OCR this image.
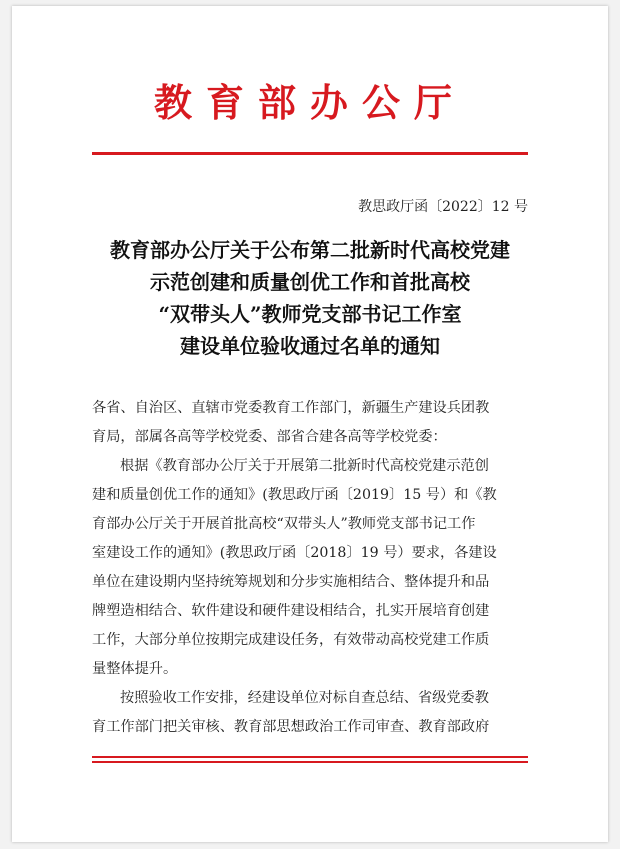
教育部办公厅
教思政厅函〔2022〕12 号
教育部办公厅关于公布第二批新时代高校党建
示范创建和质量创优工作和首批高校
“双带头人”教师党支部书记工作室
建设单位验收通过名单的通知
各省、自治区、直辖市党委教育工作部门，新疆生产建设兵团教
育局，部属各高等学校党委、部省合建各高等学校党委：
根据《教育部办公厅关于开展第二批新时代高校党建示范创
建和质量创优工作的通知》(教思政厅函〔2019〕15 号）和《教
育部办公厅关于开展首批高校“双带头人”教师党支部书记工作
室建设工作的通知》(教思政厅函〔2018〕19 号）要求，各建设
单位在建设期内坚持统筹规划和分步实施相结合、整体提升和品
牌塑造相结合、软件建设和硬件建设相结合，扎实开展培育创建
工作，大部分单位按期完成建设任务，有效带动高校党建工作质
量整体提升。
按照验收工作安排，经建设单位对标自查总结、省级党委教
育工作部门把关审核、教育部思想政治工作司审查、教育部政府
